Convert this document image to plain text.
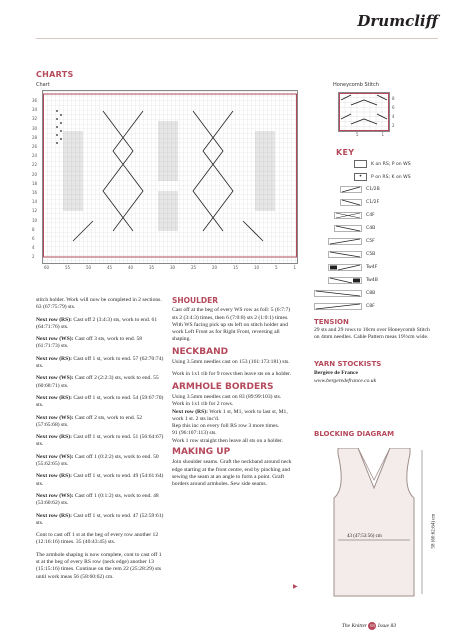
Drumcliff
CHARTS
Chart
36
34
32
30
28
26
24
22
20
18
16
14
12
10
8
6
4
2
60	55	50	45	40	35	30	25	20	15	10	5	1
Honeycomb Stitch
8
6
4
2
5	1
KEY
K on RS; P on WS
•	P on RS; K on WS
C1/2B
C1/2F
C4F
C4B
C5F
C5B
Tw4F
Tw4B
C8B
C8F

stitch holder. Work will now be completed in 2 sections.
63 (67:75:79) sts.

Next row (RS): Cast off 2 (3:4:3) sts, work to end. 61 (64:71:76) sts.

Next row (WS): Cast off 3 sts, work to end. 58 (61:71:73) sts.

Next row (RS): Cast off 1 st, work to end. 57 (62:70:74) sts.

Next row (WS): Cast off 2 (2:2:3) sts, work to end. 55 (60:68:71) sts.

Next row (RS): Cast off 1 st, work to end. 54 (59:67:70) sts.

Next row (WS): Cast off 2 sts, work to end. 52 (57:65:68) sts.

Next row (RS): Cast off 1 st, work to end. 51 (56:64:67) sts.

Next row (WS): Cast off 1 (0:2:2) sts, work to end. 50 (55:62:65) sts.

Next row (RS): Cast off 1 st, work to end. 49 (54:61:64) sts.

Next row (WS): Cast off 1 (0:1:2) sts, work to end. 48 (53:60:62) sts.

Next row (RS): Cast off 1 st, work to end. 47 (52:59:61) sts.

Cont to cast off 1 st at the beg of every row another 12 (12:16:16) times. 35 (40:43:45) sts.

The armhole shaping is now complete, cont to cast off 1 st at the beg of every RS row (neck edge) another 13 (15:15:16) times. Continue on the rem 22 (25:28:29) sts until work meas 56 (58:60:62) cm.

SHOULDER

Cast off at the beg of every WS row as foll: 5 (6:7:7) sts 2 (3:4:3) times, then 6 (7:0:8) sts 2 (1:0:1) times. With WS facing pick up sts left on stitch holder and work Left Front as for Right Front, reversing all shaping.

NECKBAND

Using 3.5mm needles cast on 153 (161:173:181) sts.

Work in 1x1 rib for 9 rows then leave sts on a holder.

ARMHOLE BORDERS

Using 3.5mm needles cast on 83 (89:99:103) sts.
Work in 1x1 rib for 2 rows.
Next row (RS): Work 1 st, M1, work to last st, M1, work 1 st. 2 sts inc'd.
Rep this inc on every foll RS row 3 more times.
91 (96:107:113) sts.
Work 1 row straight then leave all sts on a holder.

MAKING UP

Join shoulder seams. Graft the neckband around neck edge starting at the front centre, end by pinching and sewing the seam at an angle to form a point. Graft borders around armholes. Sew side seams.

▶
TENSION
29 sts and 29 rows to 10cm over Honeycomb Stitch on 4mm needles. Cable Pattern meas 19½cm wide.
YARN STOCKISTS
Bergère de France
www.bergeredefrance.co.uk
BLOCKING DIAGRAM
43 (47:53:56) cm	58 (60:62:64) cm
The Knitter 63 Issue 83
